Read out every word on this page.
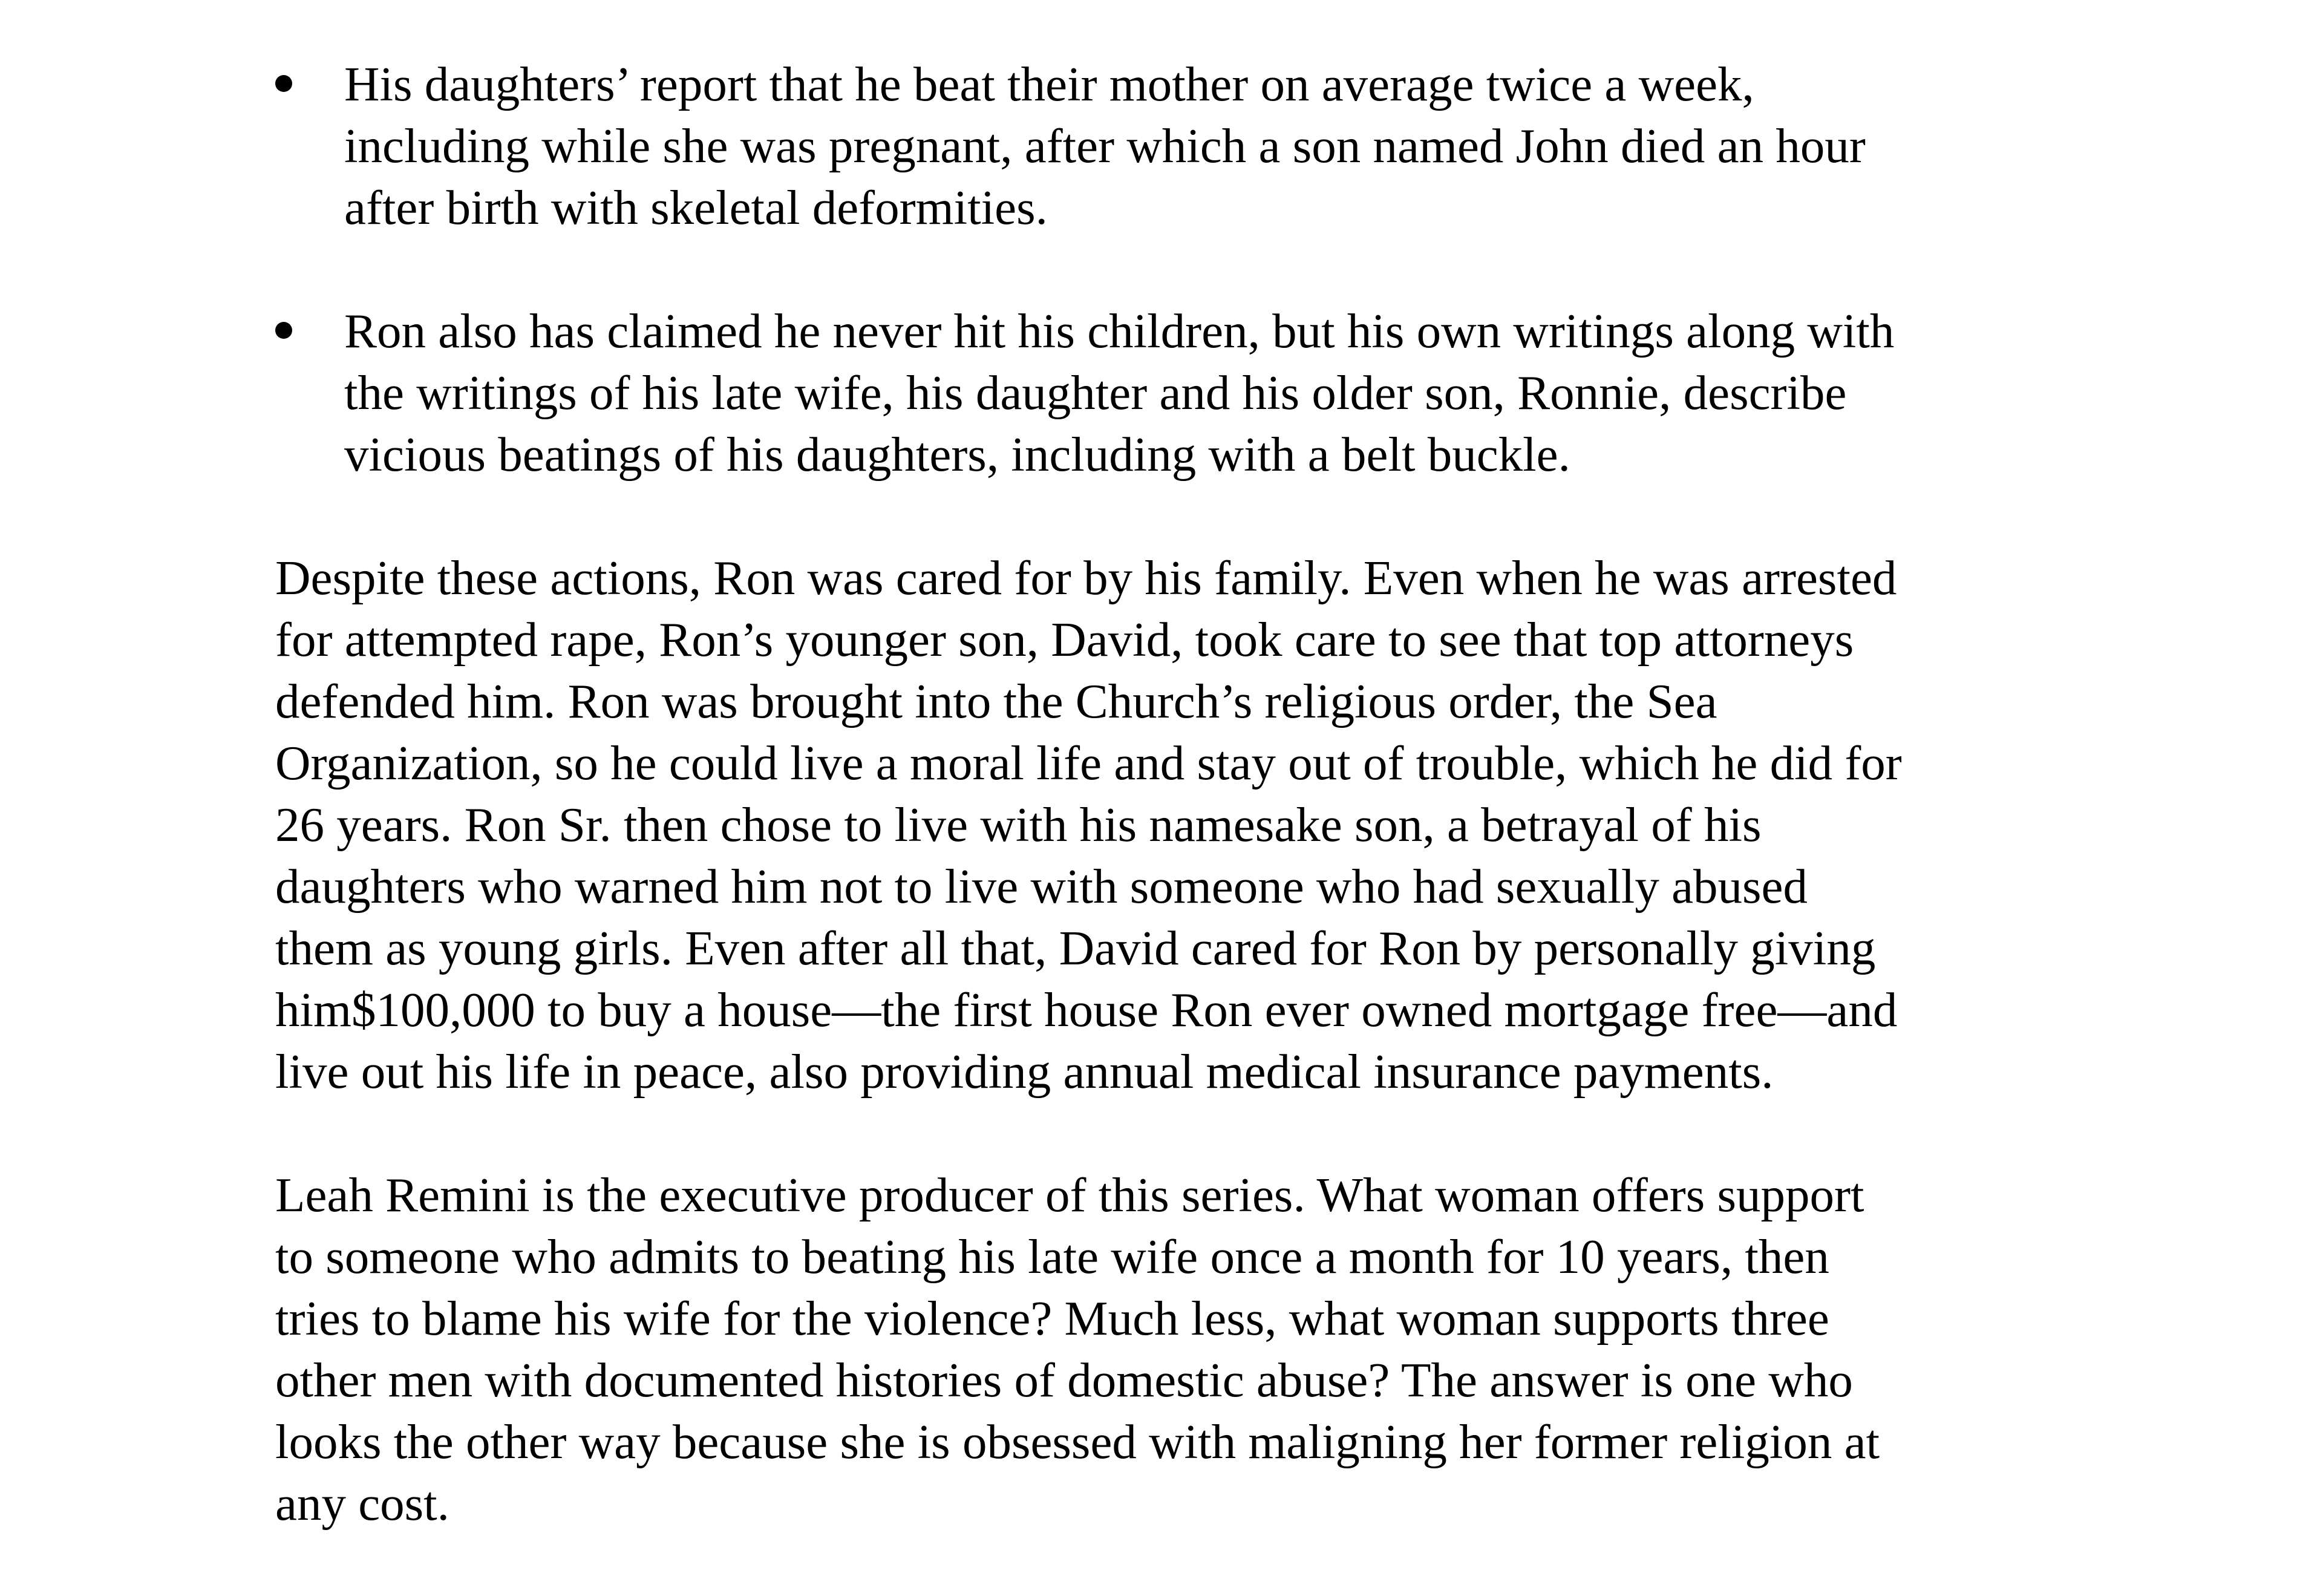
His daughters’ report that he beat their mother on average twice a week,
including while she was pregnant, after which a son named John died an hour
after birth with skeletal deformities.
Ron also has claimed he never hit his children, but his own writings along with
the writings of his late wife, his daughter and his older son, Ronnie, describe
vicious beatings of his daughters, including with a belt buckle.

Despite these actions, Ron was cared for by his family. Even when he was arrested
for attempted rape, Ron’s younger son, David, took care to see that top attorneys
defended him. Ron was brought into the Church’s religious order, the Sea
Organization, so he could live a moral life and stay out of trouble, which he did for
26 years. Ron Sr. then chose to live with his namesake son, a betrayal of his
daughters who warned him not to live with someone who had sexually abused
them as young girls. Even after all that, David cared for Ron by personally giving
him$100,000 to buy a house—the first house Ron ever owned mortgage free—and
live out his life in peace, also providing annual medical insurance payments.

Leah Remini is the executive producer of this series. What woman offers support
to someone who admits to beating his late wife once a month for 10 years, then
tries to blame his wife for the violence? Much less, what woman supports three
other men with documented histories of domestic abuse? The answer is one who
looks the other way because she is obsessed with maligning her former religion at
any cost.
